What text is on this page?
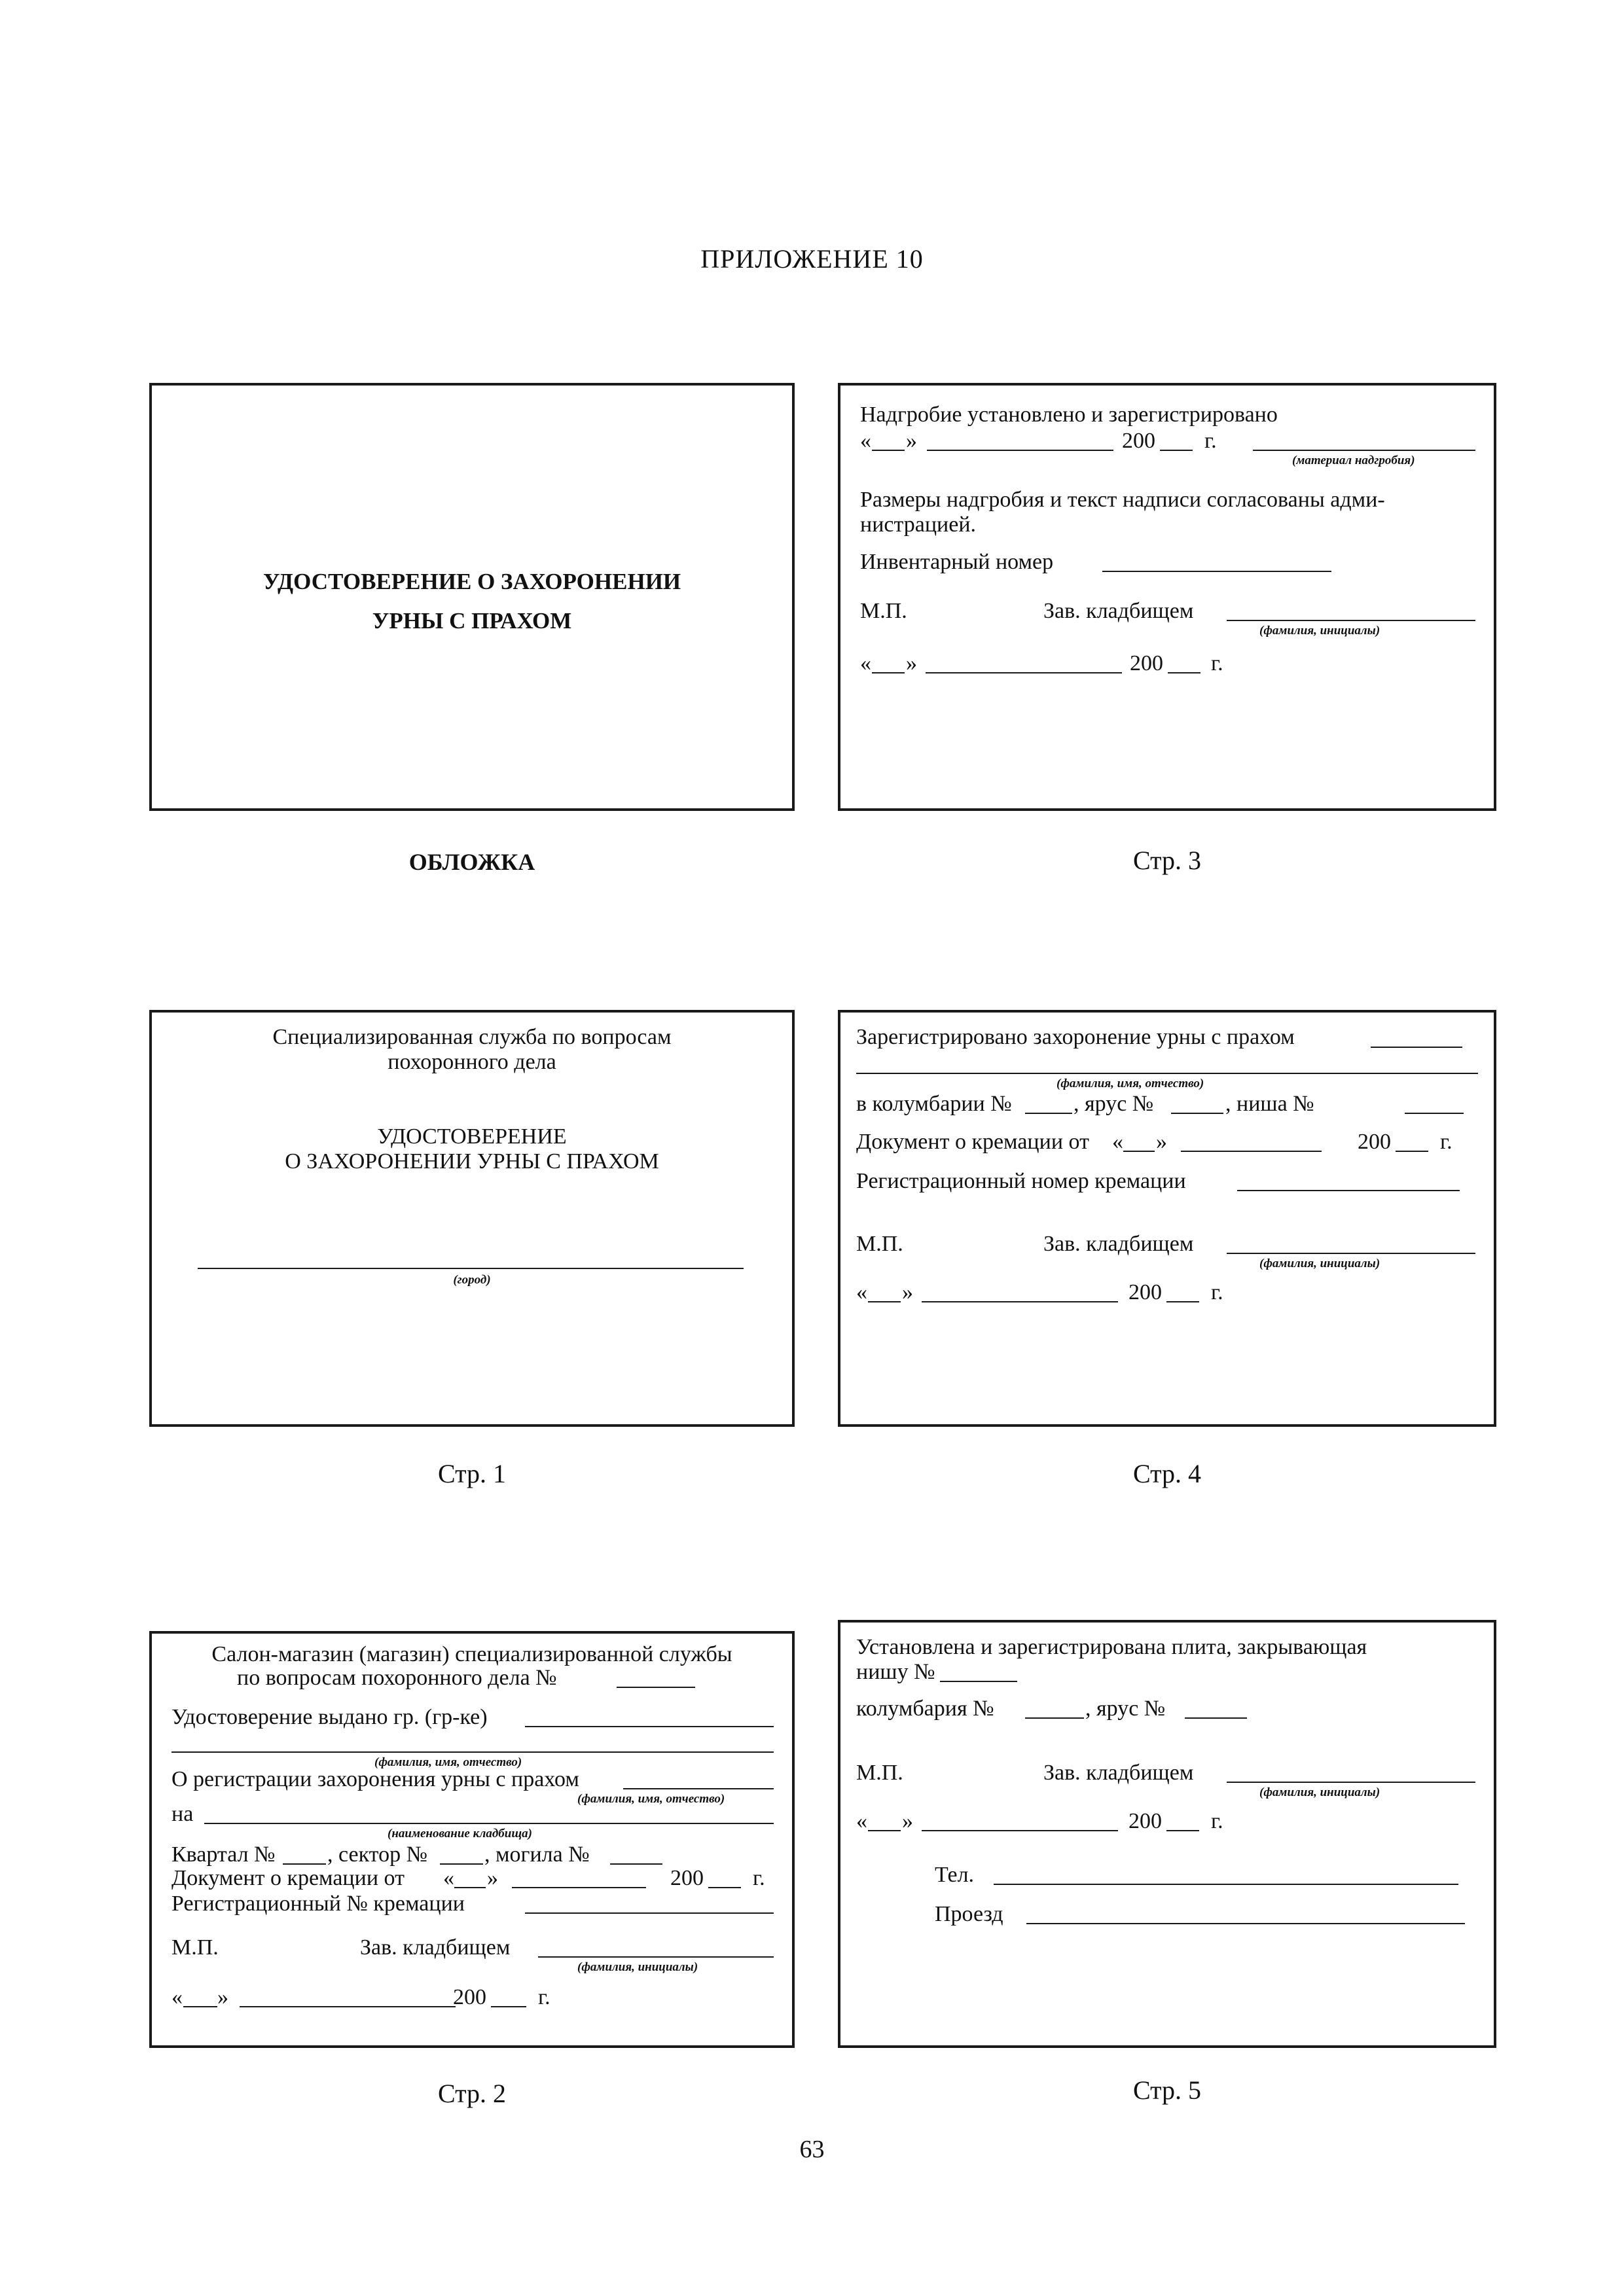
ПРИЛОЖЕНИЕ 10
УДОСТОВЕРЕНИЕ О ЗАХОРОНЕНИИ
УРНЫ С ПРАХОМ
ОБЛОЖКА
Надгробие установлено и зарегистрировано
« »	200 г.
(материал надгробия)
Размеры надгробия и текст надписи согласованы адми-
нистрацией.
Инвентарный номер
М.П.	Зав. кладбищем
(фамилия, инициалы)
« »	200 г.
Стр. 3
Специализированная служба по вопросам
похоронного дела
УДОСТОВЕРЕНИЕ
О ЗАХОРОНЕНИИ УРНЫ С ПРАХОМ
(город)
Стр. 1
Зарегистрировано захоронение урны с прахом
(фамилия, имя, отчество)
в колумбарии №	, ярус №	, ниша №
Документ о кремации от « »	200 г.
Регистрационный номер кремации
М.П.	Зав. кладбищем
(фамилия, инициалы)
« »	200 г.
Стр. 4
Салон-магазин (магазин) специализированной службы
по вопросам похоронного дела №
Удостоверение выдано гр. (гр-ке)
(фамилия, имя, отчество)
О регистрации захоронения урны с прахом
(фамилия, имя, отчество)
на
(наименование кладбища)
Квартал № , сектор №	, могила №
Документ о кремации от « »	200 г.
Регистрационный № кремации
М.П.	Зав. кладбищем
(фамилия, инициалы)
« »	200 г.
Стр. 2
Установлена и зарегистрирована плита, закрывающая
нишу №
колумбария №	, ярус №
М.П.	Зав. кладбищем
(фамилия, инициалы)
« »	200 г.
Тел.
Проезд
Стр. 5
63
